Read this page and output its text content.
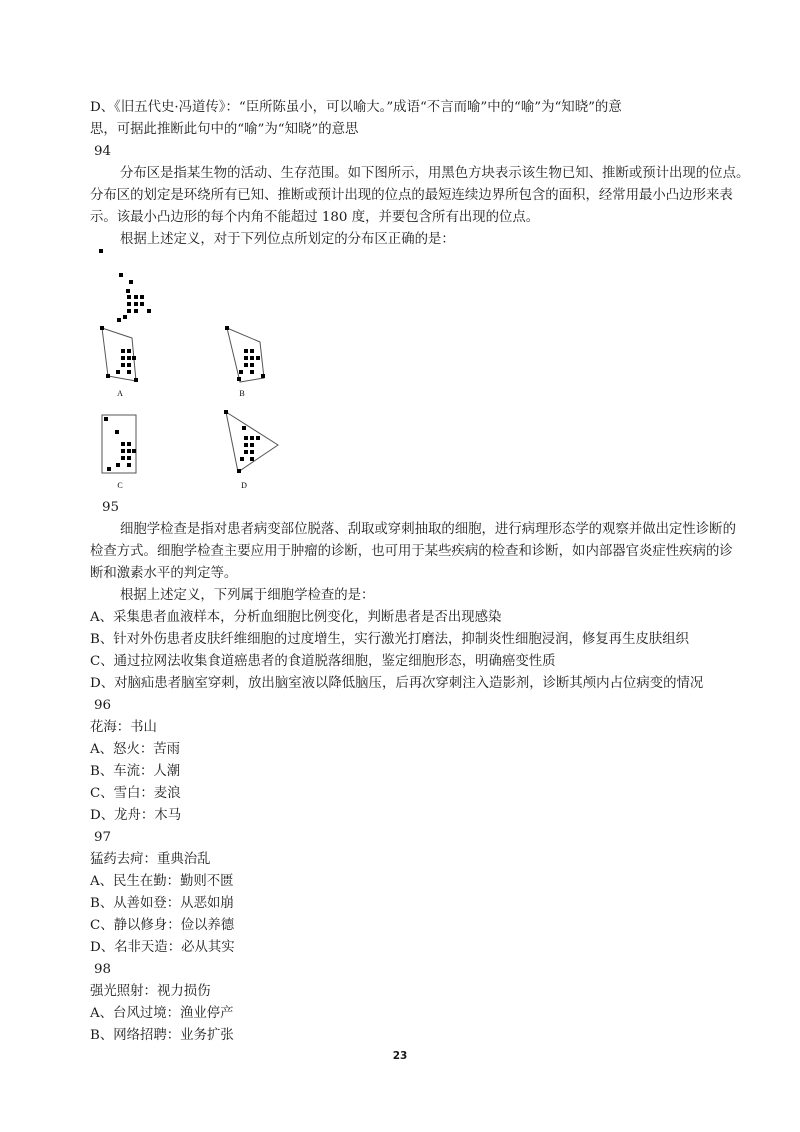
D、《旧五代史·冯道传》：“臣所陈虽小，可以喻大。”成语“不言而喻”中的“喻”为“知晓”的意
思，可据此推断此句中的“喻”为“知晓”的意思
94
分布区是指某生物的活动、生存范围。如下图所示，用黑色方块表示该生物已知、推断或预计出现的位点。
分布区的划定是环绕所有已知、推断或预计出现的位点的最短连续边界所包含的面积，经常用最小凸边形来表
示。该最小凸边形的每个内角不能超过 180 度，并要包含所有出现的位点。
根据上述定义，对于下列位点所划定的分布区正确的是：
A	B
C	D
95
细胞学检查是指对患者病变部位脱落、刮取或穿刺抽取的细胞，进行病理形态学的观察并做出定性诊断的
检查方式。细胞学检查主要应用于肿瘤的诊断，也可用于某些疾病的检查和诊断，如内部器官炎症性疾病的诊
断和激素水平的判定等。
根据上述定义，下列属于细胞学检查的是：
A、采集患者血液样本，分析血细胞比例变化，判断患者是否出现感染
B、针对外伤患者皮肤纤维细胞的过度增生，实行激光打磨法，抑制炎性细胞浸润，修复再生皮肤组织
C、通过拉网法收集食道癌患者的食道脱落细胞，鉴定细胞形态，明确癌变性质
D、对脑疝患者脑室穿刺，放出脑室液以降低脑压，后再次穿刺注入造影剂，诊断其颅内占位病变的情况
96
花海：书山
A、怒火：苦雨
B、车流：人潮
C、雪白：麦浪
D、龙舟：木马
97
猛药去疴：重典治乱
A、民生在勤：勤则不匮
B、从善如登：从恶如崩
C、静以修身：俭以养德
D、名非天造：必从其实
98
强光照射：视力损伤
A、台风过境：渔业停产
B、网络招聘：业务扩张
23
